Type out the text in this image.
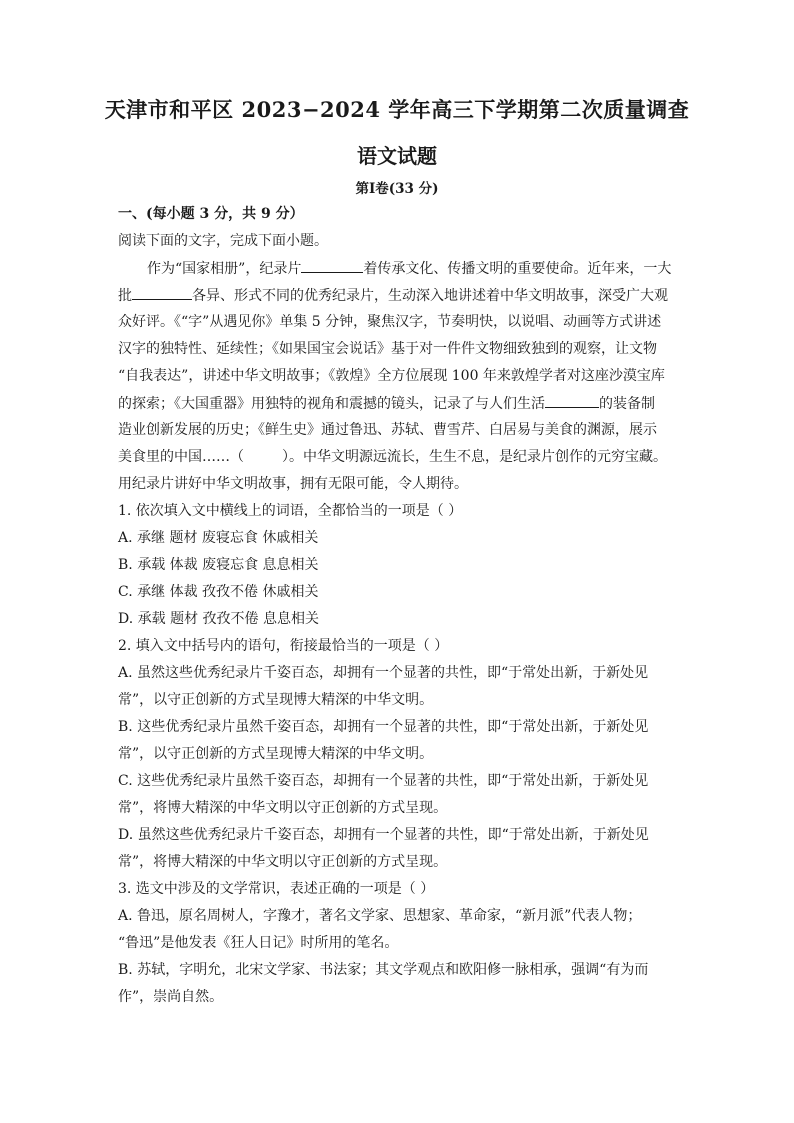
天津市和平区 2023−2024 学年高三下学期第二次质量调查
语文试题
第Ⅰ卷(33 分)
一、(每小题 3 分，共 9 分）
阅读下面的文字，完成下面小题。
作为“国家相册”，纪录片	着传承文化、传播文明的重要使命。近年来，一大
批	各异、形式不同的优秀纪录片，生动深入地讲述着中华文明故事，深受广大观
众好评。《“字”从遇见你》单集 5 分钟，聚焦汉字，节奏明快，以说唱、动画等方式讲述
汉字的独特性、延续性；《如果国宝会说话》基于对一件件文物细致独到的观察，让文物
“自我表达”，讲述中华文明故事；《敦煌》全方位展现 100 年来敦煌学者对这座沙漠宝库
的探索；《大国重器》用独特的视角和震撼的镜头，记录了与人们生活	的装备制
造业创新发展的历史；《鲜生史》通过鲁迅、苏轼、曹雪芹、白居易与美食的渊源，展示
美食里的中国……（	）。中华文明源远流长，生生不息，是纪录片创作的元穷宝藏。
用纪录片讲好中华文明故事，拥有无限可能，令人期待。
1. 依次填入文中横线上的词语，全都恰当的一项是（ ）
A. 承继 题材 废寝忘食 休戚相关
B. 承载 体裁 废寝忘食 息息相关
C. 承继 体裁 孜孜不倦 休戚相关
D. 承载 题材 孜孜不倦 息息相关
2. 填入文中括号内的语句，衔接最恰当的一项是（ ）
A. 虽然这些优秀纪录片千姿百态，却拥有一个显著的共性，即“于常处出新，于新处见
常”，以守正创新的方式呈现博大精深的中华文明。
B. 这些优秀纪录片虽然千姿百态，却拥有一个显著的共性，即“于常处出新，于新处见
常”，以守正创新的方式呈现博大精深的中华文明。
C. 这些优秀纪录片虽然千姿百态，却拥有一个显著的共性，即“于常处出新，于新处见
常”，将博大精深的中华文明以守正创新的方式呈现。
D. 虽然这些优秀纪录片千姿百态，却拥有一个显著的共性，即“于常处出新，于新处见
常”，将博大精深的中华文明以守正创新的方式呈现。
3. 选文中涉及的文学常识，表述正确的一项是（ ）
A. 鲁迅，原名周树人，字豫才，著名文学家、思想家、革命家，“新月派”代表人物；
“鲁迅”是他发表《狂人日记》时所用的笔名。
B. 苏轼，字明允，北宋文学家、书法家；其文学观点和欧阳修一脉相承，强调“有为而
作”，崇尚自然。
